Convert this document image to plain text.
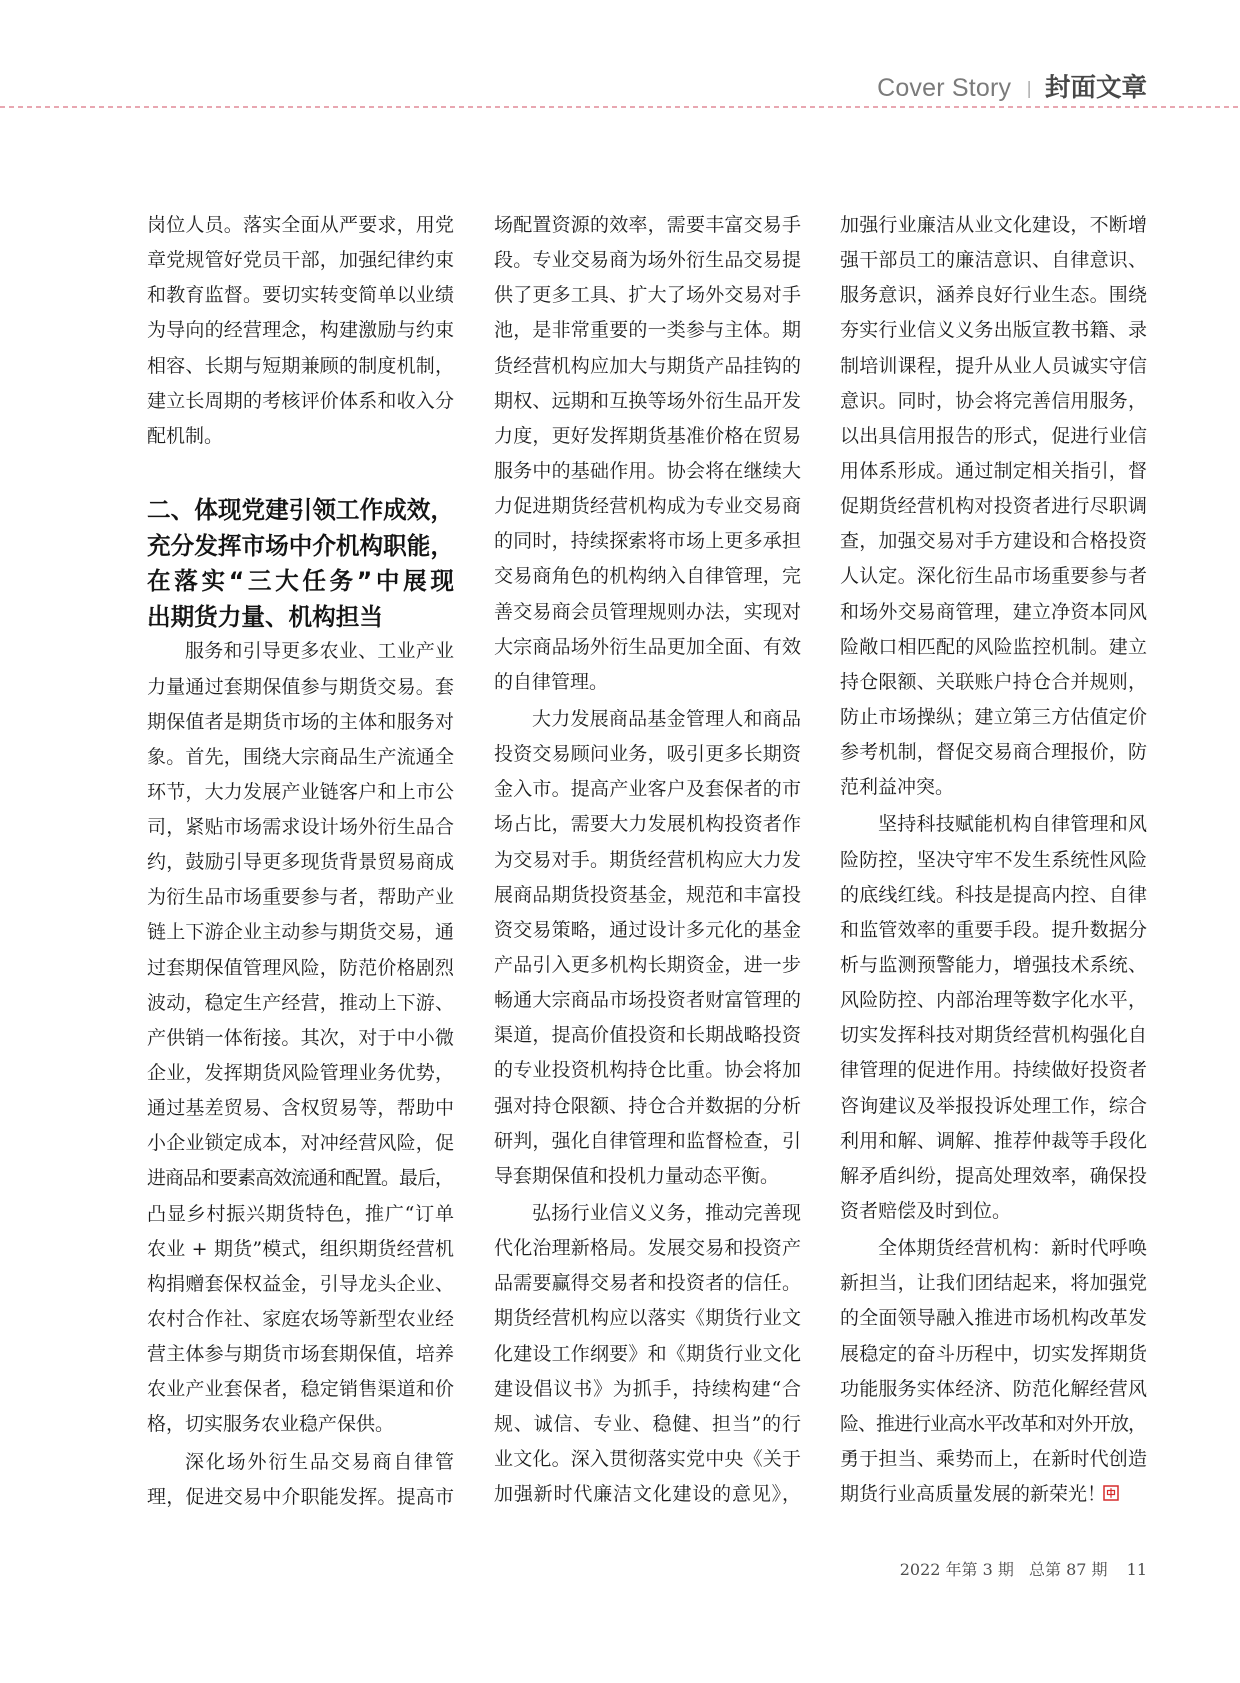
Cover Story | 封面文章
岗位人员。落实全面从严要求，用党
章党规管好党员干部，加强纪律约束
和教育监督。要切实转变简单以业绩
为导向的经营理念，构建激励与约束
相容、长期与短期兼顾的制度机制，
建立长周期的考核评价体系和收入分
配机制。
二、体现党建引领工作成效，
充分发挥市场中介机构职能，
在落实“三大任务”中展现
出期货力量、机构担当
服务和引导更多农业、工业产业
力量通过套期保值参与期货交易。套
期保值者是期货市场的主体和服务对
象。首先，围绕大宗商品生产流通全
环节，大力发展产业链客户和上市公
司，紧贴市场需求设计场外衍生品合
约，鼓励引导更多现货背景贸易商成
为衍生品市场重要参与者，帮助产业
链上下游企业主动参与期货交易，通
过套期保值管理风险，防范价格剧烈
波动，稳定生产经营，推动上下游、
产供销一体衔接。其次，对于中小微
企业，发挥期货风险管理业务优势，
通过基差贸易、含权贸易等，帮助中
小企业锁定成本，对冲经营风险，促
进商品和要素高效流通和配置。最后，
凸显乡村振兴期货特色，推广“订单
农业 + 期货”模式，组织期货经营机
构捐赠套保权益金，引导龙头企业、
农村合作社、家庭农场等新型农业经
营主体参与期货市场套期保值，培养
农业产业套保者，稳定销售渠道和价
格，切实服务农业稳产保供。
深化场外衍生品交易商自律管
理，促进交易中介职能发挥。提高市
场配置资源的效率，需要丰富交易手
段。专业交易商为场外衍生品交易提
供了更多工具、扩大了场外交易对手
池，是非常重要的一类参与主体。期
货经营机构应加大与期货产品挂钩的
期权、远期和互换等场外衍生品开发
力度，更好发挥期货基准价格在贸易
服务中的基础作用。协会将在继续大
力促进期货经营机构成为专业交易商
的同时，持续探索将市场上更多承担
交易商角色的机构纳入自律管理，完
善交易商会员管理规则办法，实现对
大宗商品场外衍生品更加全面、有效
的自律管理。
大力发展商品基金管理人和商品
投资交易顾问业务，吸引更多长期资
金入市。提高产业客户及套保者的市
场占比，需要大力发展机构投资者作
为交易对手。期货经营机构应大力发
展商品期货投资基金，规范和丰富投
资交易策略，通过设计多元化的基金
产品引入更多机构长期资金，进一步
畅通大宗商品市场投资者财富管理的
渠道，提高价值投资和长期战略投资
的专业投资机构持仓比重。协会将加
强对持仓限额、持仓合并数据的分析
研判，强化自律管理和监督检查，引
导套期保值和投机力量动态平衡。
弘扬行业信义义务，推动完善现
代化治理新格局。发展交易和投资产
品需要赢得交易者和投资者的信任。
期货经营机构应以落实《期货行业文
化建设工作纲要》和《期货行业文化
建设倡议书》为抓手，持续构建“合
规、诚信、专业、稳健、担当”的行
业文化。深入贯彻落实党中央《关于
加强新时代廉洁文化建设的意见》，
加强行业廉洁从业文化建设，不断增
强干部员工的廉洁意识、自律意识、
服务意识，涵养良好行业生态。围绕
夯实行业信义义务出版宣教书籍、录
制培训课程，提升从业人员诚实守信
意识。同时，协会将完善信用服务，
以出具信用报告的形式，促进行业信
用体系形成。通过制定相关指引，督
促期货经营机构对投资者进行尽职调
查，加强交易对手方建设和合格投资
人认定。深化衍生品市场重要参与者
和场外交易商管理，建立净资本同风
险敞口相匹配的风险监控机制。建立
持仓限额、关联账户持仓合并规则，
防止市场操纵；建立第三方估值定价
参考机制，督促交易商合理报价，防
范利益冲突。
坚持科技赋能机构自律管理和风
险防控，坚决守牢不发生系统性风险
的底线红线。科技是提高内控、自律
和监管效率的重要手段。提升数据分
析与监测预警能力，增强技术系统、
风险防控、内部治理等数字化水平，
切实发挥科技对期货经营机构强化自
律管理的促进作用。持续做好投资者
咨询建议及举报投诉处理工作，综合
利用和解、调解、推荐仲裁等手段化
解矛盾纠纷，提高处理效率，确保投
资者赔偿及时到位。
全体期货经营机构：新时代呼唤
新担当，让我们团结起来，将加强党
的全面领导融入推进市场机构改革发
展稳定的奋斗历程中，切实发挥期货
功能服务实体经济、防范化解经营风
险、推进行业高水平改革和对外开放，
勇于担当、乘势而上，在新时代创造
期货行业高质量发展的新荣光！
2022 年第 3 期 总第 87 期 11
